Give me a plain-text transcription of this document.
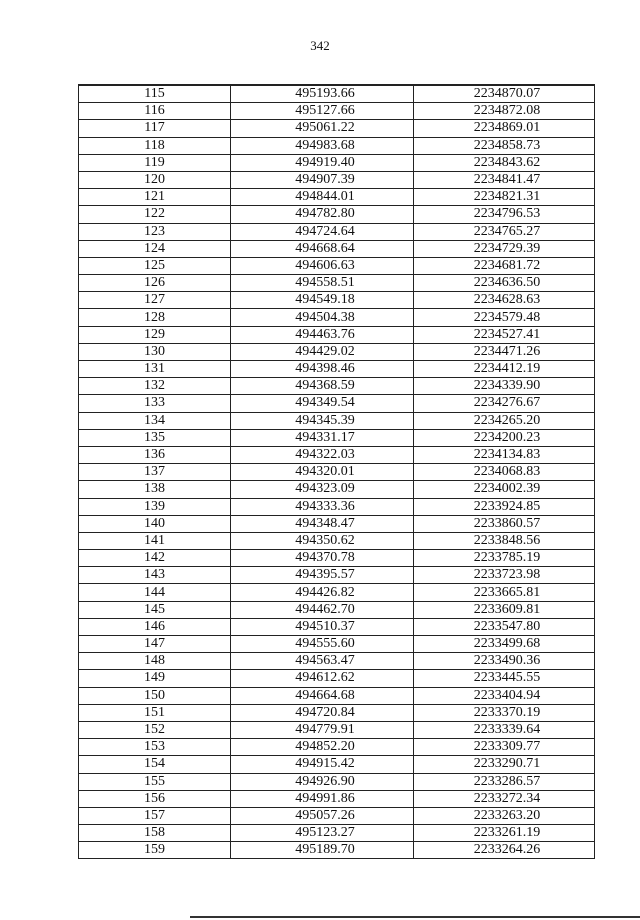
342
115	495193.66	2234870.07
116	495127.66	2234872.08
117	495061.22	2234869.01
118	494983.68	2234858.73
119	494919.40	2234843.62
120	494907.39	2234841.47
121	494844.01	2234821.31
122	494782.80	2234796.53
123	494724.64	2234765.27
124	494668.64	2234729.39
125	494606.63	2234681.72
126	494558.51	2234636.50
127	494549.18	2234628.63
128	494504.38	2234579.48
129	494463.76	2234527.41
130	494429.02	2234471.26
131	494398.46	2234412.19
132	494368.59	2234339.90
133	494349.54	2234276.67
134	494345.39	2234265.20
135	494331.17	2234200.23
136	494322.03	2234134.83
137	494320.01	2234068.83
138	494323.09	2234002.39
139	494333.36	2233924.85
140	494348.47	2233860.57
141	494350.62	2233848.56
142	494370.78	2233785.19
143	494395.57	2233723.98
144	494426.82	2233665.81
145	494462.70	2233609.81
146	494510.37	2233547.80
147	494555.60	2233499.68
148	494563.47	2233490.36
149	494612.62	2233445.55
150	494664.68	2233404.94
151	494720.84	2233370.19
152	494779.91	2233339.64
153	494852.20	2233309.77
154	494915.42	2233290.71
155	494926.90	2233286.57
156	494991.86	2233272.34
157	495057.26	2233263.20
158	495123.27	2233261.19
159	495189.70	2233264.26
